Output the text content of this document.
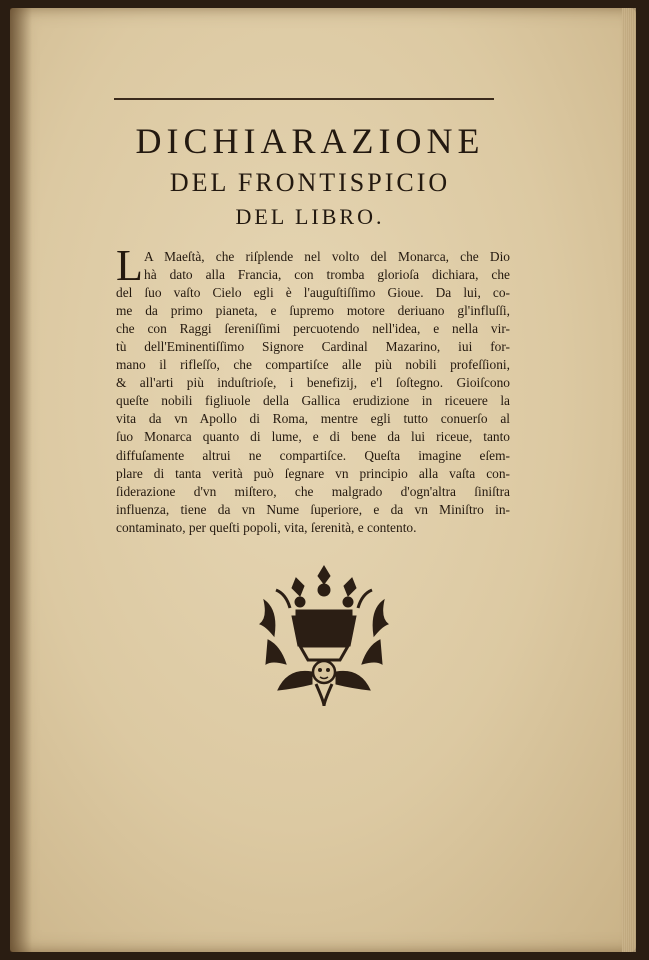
DICHIARAZIONE
DEL FRONTISPICIO
DEL LIBRO.
L A Maeſtà, che riſplende nel volto del Monarca, che Dio
hà dato alla Francia, con tromba glorioſa dichiara, che
del ſuo vaſto Cielo egli è l'auguſtiſſimo Gioue. Da lui, co-
me da primo pianeta, e ſupremo motore deriuano gl'influſſi,
che con Raggi ſereniſſimi percuotendo nell'idea, e nella vir-
tù dell'Eminentiſſimo Signore Cardinal Mazarino, iui for-
mano il rifleſſo, che compartiſce alle più nobili profeſſioni,
& all'arti più induſtrioſe, i benefizij, e'l ſoſtegno. Gioiſcono
queſte nobili figliuole della Gallica erudizione in riceuere la
vita da vn Apollo di Roma, mentre egli tutto conuerſo al
ſuo Monarca quanto di lume, e di bene da lui riceue, tanto
diffuſamente altrui ne compartiſce. Queſta imagine eſem-
plare di tanta verità può ſegnare vn principio alla vaſta con-
ſiderazione d'vn miſtero, che malgrado d'ogn'altra ſiniſtra
influenza, tiene da vn Nume ſuperiore, e da vn Miniſtro in-
contaminato, per queſti popoli, vita, ſerenità, e contento.
